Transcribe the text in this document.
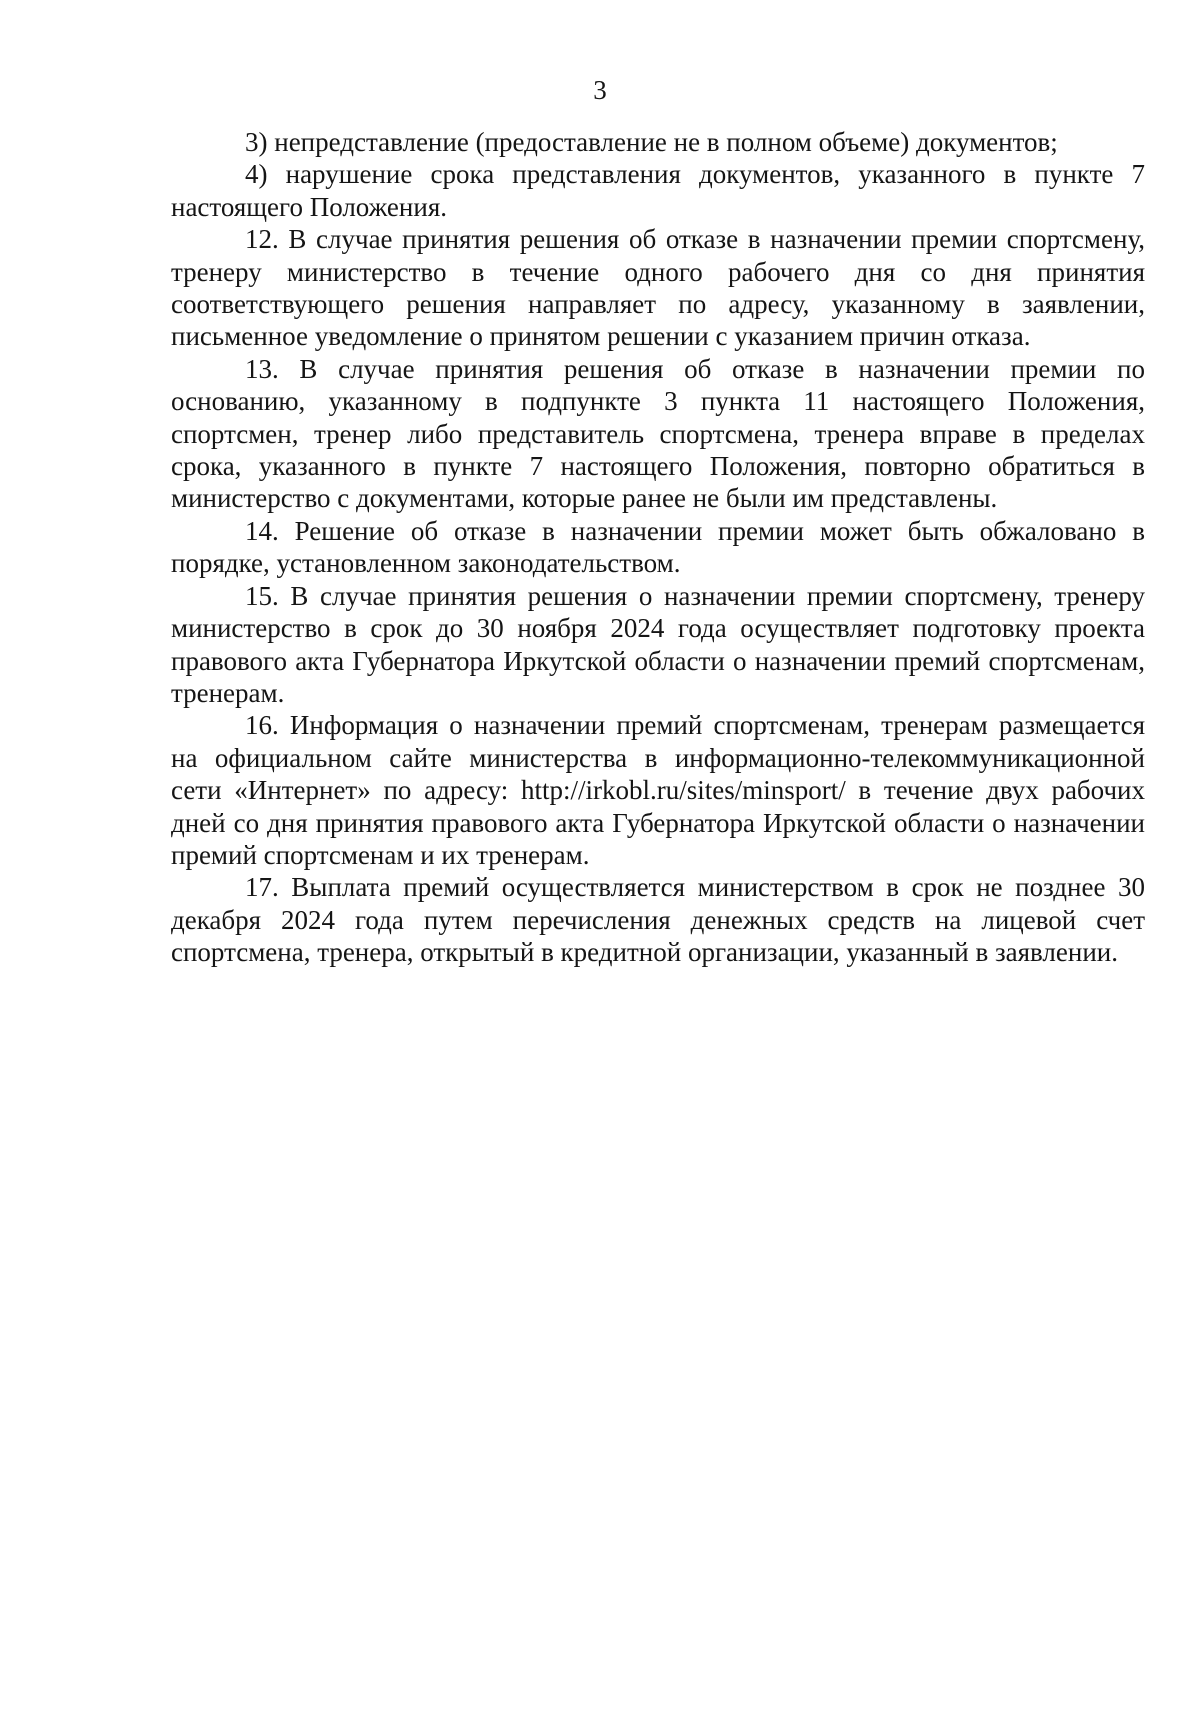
3

3) непредставление (предоставление не в полном объеме) документов;

4) нарушение срока представления документов, указанного в пункте 7 настоящего Положения.

12. В случае принятия решения об отказе в назначении премии спортсмену, тренеру министерство в течение одного рабочего дня со дня принятия соответствующего решения направляет по адресу, указанному в заявлении, письменное уведомление о принятом решении с указанием причин отказа.

13. В случае принятия решения об отказе в назначении премии по основанию, указанному в подпункте 3 пункта 11 настоящего Положения, спортсмен, тренер либо представитель спортсмена, тренера вправе в пределах срока, указанного в пункте 7 настоящего Положения, повторно обратиться в министерство с документами, которые ранее не были им представлены.

14. Решение об отказе в назначении премии может быть обжаловано в порядке, установленном законодательством.

15. В случае принятия решения о назначении премии спортсмену, тренеру министерство в срок до 30 ноября 2024 года осуществляет подготовку проекта правового акта Губернатора Иркутской области о назначении премий спортсменам, тренерам.

16. Информация о назначении премий спортсменам, тренерам размещается на официальном сайте министерства в информационно-телекоммуникационной сети «Интернет» по адресу: http://irkobl.ru/sites/minsport/ в течение двух рабочих дней со дня принятия правового акта Губернатора Иркутской области о назначении премий спортсменам и их тренерам.

17. Выплата премий осуществляется министерством в срок не позднее 30 декабря 2024 года путем перечисления денежных средств на лицевой счет спортсмена, тренера, открытый в кредитной организации, указанный в заявлении.
